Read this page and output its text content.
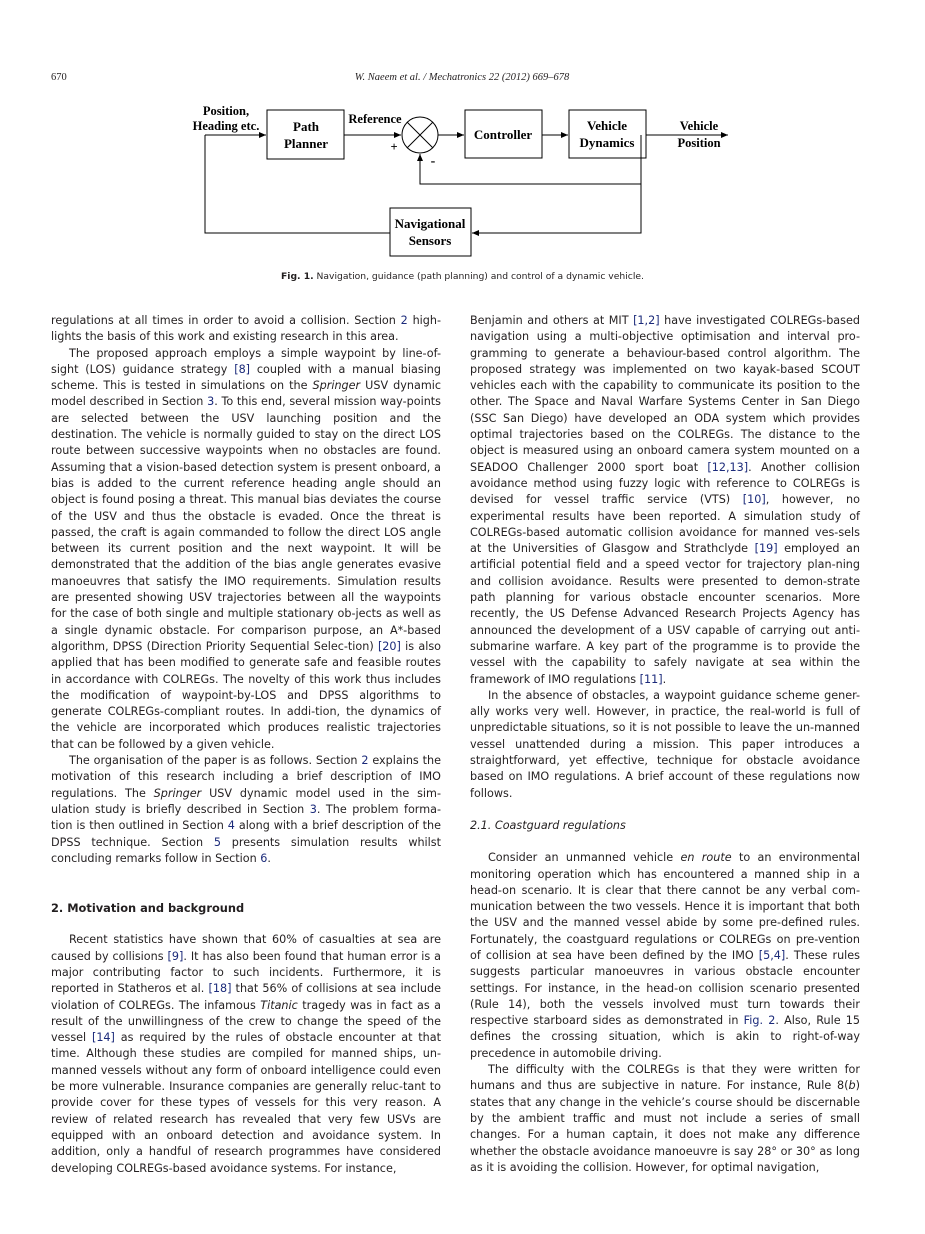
670	W. Naeem et al. / Mechatronics 22 (2012) 669–678
Position,
Heading etc.	Path
Planner
Reference
+
-
Controller
Vehicle
Dynamics
Vehicle
Position
Navigational
Sensors
Fig. 1. Navigation, guidance (path planning) and control of a dynamic vehicle.

regulations at all times in order to avoid a collision. Section 2 high-lights the basis of this work and existing research in this area.

The proposed approach employs a simple waypoint by line-of-sight (LOS) guidance strategy [8] coupled with a manual biasing scheme. This is tested in simulations on the Springer USV dynamic model described in Section 3. To this end, several mission way-points are selected between the USV launching position and the destination. The vehicle is normally guided to stay on the direct LOS route between successive waypoints when no obstacles are found. Assuming that a vision-based detection system is present onboard, a bias is added to the current reference heading angle should an object is found posing a threat. This manual bias deviates the course of the USV and thus the obstacle is evaded. Once the threat is passed, the craft is again commanded to follow the direct LOS angle between its current position and the next waypoint. It will be demonstrated that the addition of the bias angle generates evasive manoeuvres that satisfy the IMO requirements. Simulation results are presented showing USV trajectories between all the waypoints for the case of both single and multiple stationary ob-jects as well as a single dynamic obstacle. For comparison purpose, an A*-based algorithm, DPSS (Direction Priority Sequential Selec-tion) [20] is also applied that has been modified to generate safe and feasible routes in accordance with COLREGs. The novelty of this work thus includes the modification of waypoint-by-LOS and DPSS algorithms to generate COLREGs-compliant routes. In addi-tion, the dynamics of the vehicle are incorporated which produces realistic trajectories that can be followed by a given vehicle.

The organisation of the paper is as follows. Section 2 explains the motivation of this research including a brief description of IMO regulations. The Springer USV dynamic model used in the sim-ulation study is briefly described in Section 3. The problem forma-tion is then outlined in Section 4 along with a brief description of the DPSS technique. Section 5 presents simulation results whilst concluding remarks follow in Section 6.

2. Motivation and background

Recent statistics have shown that 60% of casualties at sea are caused by collisions [9]. It has also been found that human error is a major contributing factor to such incidents. Furthermore, it is reported in Statheros et al. [18] that 56% of collisions at sea include violation of COLREGs. The infamous Titanic tragedy was in fact as a result of the unwillingness of the crew to change the speed of the vessel [14] as required by the rules of obstacle encounter at that time. Although these studies are compiled for manned ships, un-manned vessels without any form of onboard intelligence could even be more vulnerable. Insurance companies are generally reluc-tant to provide cover for these types of vessels for this very reason. A review of related research has revealed that very few USVs are equipped with an onboard detection and avoidance system. In addition, only a handful of research programmes have considered developing COLREGs-based avoidance systems. For instance,

Benjamin and others at MIT [1,2] have investigated COLREGs-based navigation using a multi-objective optimisation and interval pro-gramming to generate a behaviour-based control algorithm. The proposed strategy was implemented on two kayak-based SCOUT vehicles each with the capability to communicate its position to the other. The Space and Naval Warfare Systems Center in San Diego (SSC San Diego) have developed an ODA system which provides optimal trajectories based on the COLREGs. The distance to the object is measured using an onboard camera system mounted on a SEADOO Challenger 2000 sport boat [12,13]. Another collision avoidance method using fuzzy logic with reference to COLREGs is devised for vessel traffic service (VTS) [10], however, no experimental results have been reported. A simulation study of COLREGs-based automatic collision avoidance for manned ves-sels at the Universities of Glasgow and Strathclyde [19] employed an artificial potential field and a speed vector for trajectory plan-ning and collision avoidance. Results were presented to demon-strate path planning for various obstacle encounter scenarios. More recently, the US Defense Advanced Research Projects Agency has announced the development of a USV capable of carrying out anti-submarine warfare. A key part of the programme is to provide the vessel with the capability to safely navigate at sea within the framework of IMO regulations [11].

In the absence of obstacles, a waypoint guidance scheme gener-ally works very well. However, in practice, the real-world is full of unpredictable situations, so it is not possible to leave the un-manned vessel unattended during a mission. This paper introduces a straightforward, yet effective, technique for obstacle avoidance based on IMO regulations. A brief account of these regulations now follows.

2.1. Coastguard regulations

Consider an unmanned vehicle en route to an environmental monitoring operation which has encountered a manned ship in a head-on scenario. It is clear that there cannot be any verbal com-munication between the two vessels. Hence it is important that both the USV and the manned vessel abide by some pre-defined rules. Fortunately, the coastguard regulations or COLREGs on pre-vention of collision at sea have been defined by the IMO [5,4]. These rules suggests particular manoeuvres in various obstacle encounter settings. For instance, in the head-on collision scenario presented (Rule 14), both the vessels involved must turn towards their respective starboard sides as demonstrated in Fig. 2. Also, Rule 15 defines the crossing situation, which is akin to right-of-way precedence in automobile driving.

The difficulty with the COLREGs is that they were written for humans and thus are subjective in nature. For instance, Rule 8(b) states that any change in the vehicle’s course should be discernable by the ambient traffic and must not include a series of small changes. For a human captain, it does not make any difference whether the obstacle avoidance manoeuvre is say 28° or 30° as long as it is avoiding the collision. However, for optimal navigation,
